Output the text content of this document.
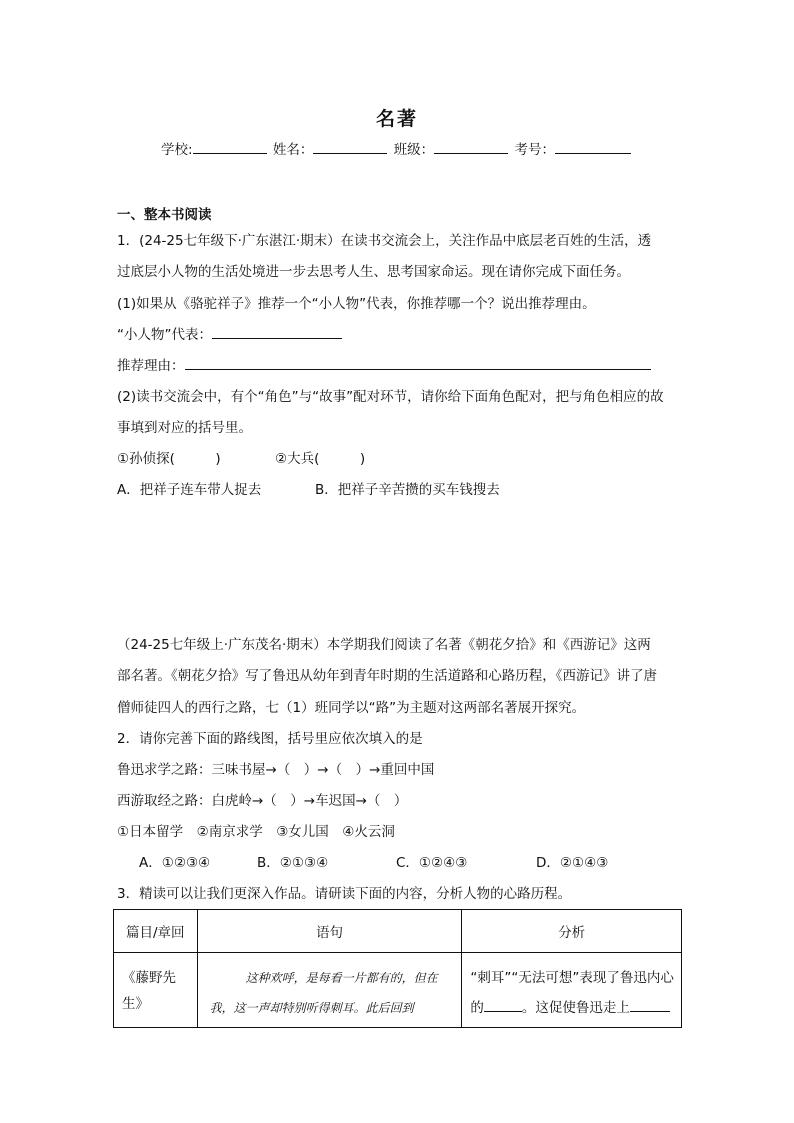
名著
学校:	姓名：	班级：	考号：
一、整本书阅读
1．(24-25七年级下·广东湛江·期末）在读书交流会上，关注作品中底层老百姓的生活，透
过底层小人物的生活处境进一步去思考人生、思考国家命运。现在请你完成下面任务。
(1)如果从《骆驼祥子》推荐一个“小人物”代表，你推荐哪一个？说出推荐理由。
“小人物”代表：
推荐理由：
(2)读书交流会中，有个“角色”与“故事”配对环节，请你给下面角色配对，把与角色相应的故
事填到对应的括号里。
①孙侦探(　　　)	②大兵(　　　)
A．把祥子连车带人捉去	B．把祥子辛苦攒的买车钱搜去
（24-25七年级上·广东茂名·期末）本学期我们阅读了名著《朝花夕拾》和《西游记》这两
部名著。《朝花夕拾》写了鲁迅从幼年到青年时期的生活道路和心路历程，《西游记》讲了唐
僧师徒四人的西行之路，七（1）班同学以“路”为主题对这两部名著展开探究。
2．请你完善下面的路线图，括号里应依次填入的是
鲁迅求学之路：三味书屋→（　）→（　）→重回中国
西游取经之路：白虎岭→（　）→车迟国→（　）
①日本留学　②南京求学　③女儿国　④火云洞
A．①②③④	B．②①③④	C．①②④③	D．②①④③
3．精读可以让我们更深入作品。请研读下面的内容，分析人物的心路历程。
篇目/章回	语句	分析
《藤野先生》	这种欢呼，是每看一片都有的，但在我，这一声却特别听得刺耳。此后回到	“刺耳”“无法可想”表现了鲁迅内心的 。这促使鲁迅走上
